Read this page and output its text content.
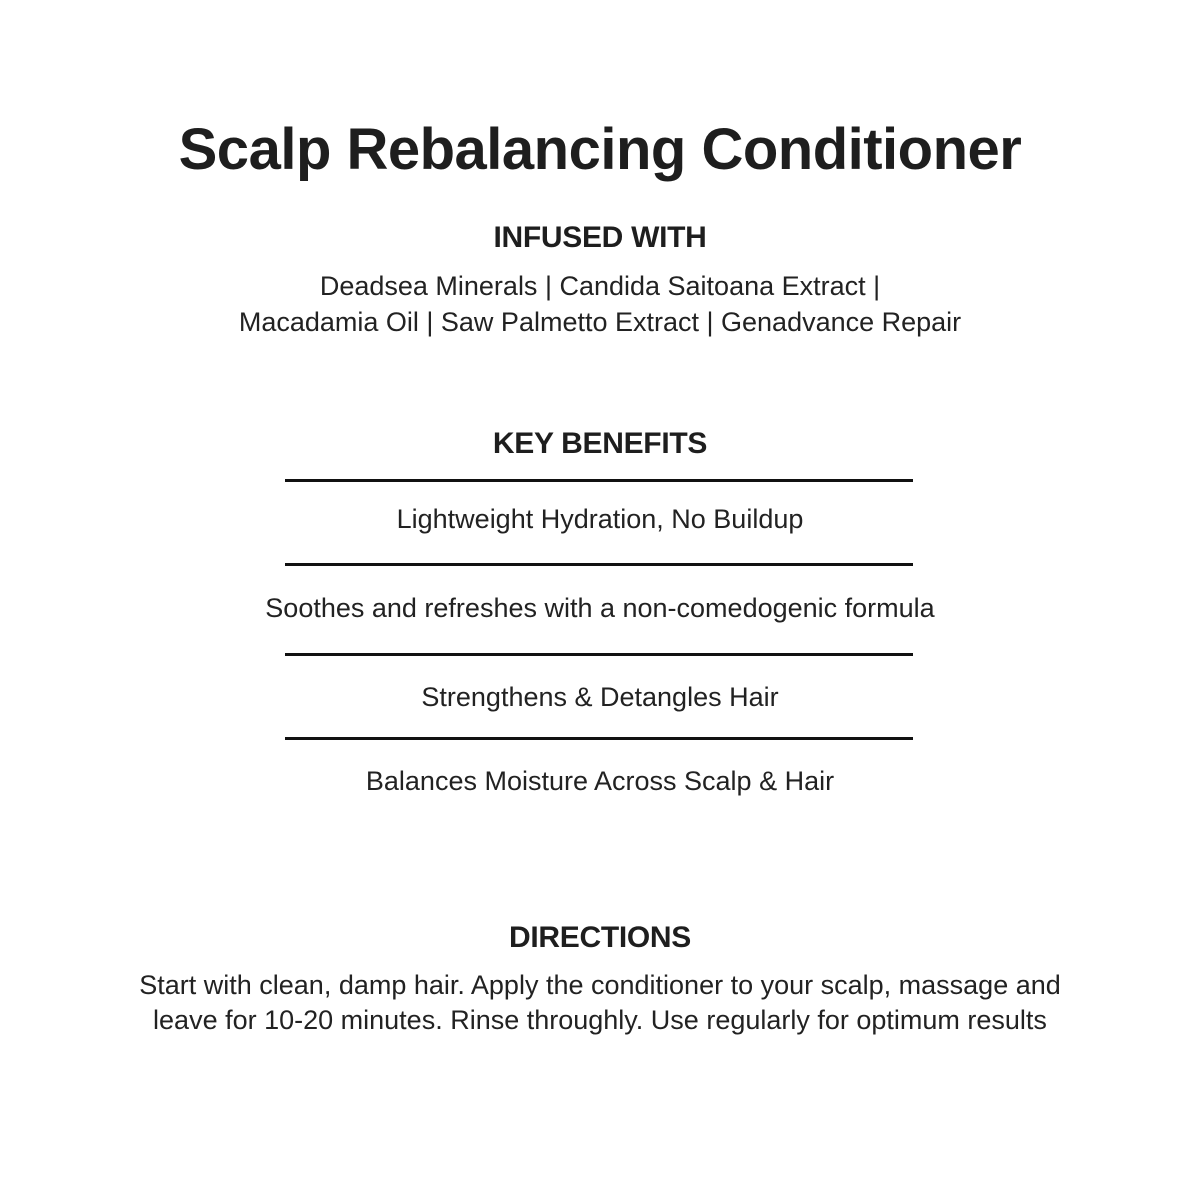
Scalp Rebalancing Conditioner
INFUSED WITH

Deadsea Minerals | Candida Saitoana Extract |

Macadamia Oil | Saw Palmetto Extract | Genadvance Repair

KEY BENEFITS

Lightweight Hydration, No Buildup

Soothes and refreshes with a non-comedogenic formula

Strengthens & Detangles Hair

Balances Moisture Across Scalp & Hair

DIRECTIONS

Start with clean, damp hair. Apply the conditioner to your scalp, massage and leave for 10-20 minutes. Rinse throughly. Use regularly for optimum results
